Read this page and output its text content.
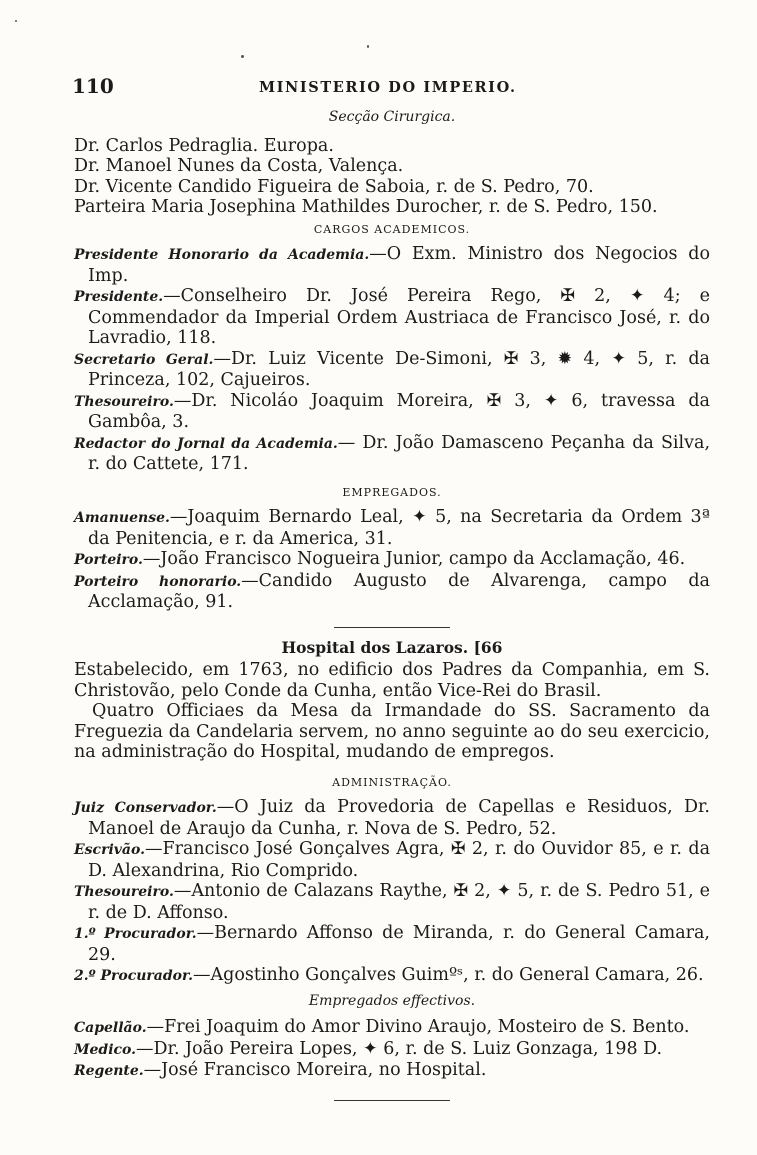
110	MINISTERIO DO IMPERIO.
Secção Cirurgica.
Dr. Carlos Pedraglia. Europa.
Dr. Manoel Nunes da Costa, Valença.
Dr. Vicente Candido Figueira de Saboia, r. de S. Pedro, 70.
Parteira Maria Josephina Mathildes Durocher, r. de S. Pedro, 150.
CARGOS ACADEMICOS.

Presidente Honorario da Academia.—O Exm. Ministro dos Negocios do Imp.

Presidente.—Conselheiro Dr. José Pereira Rego, ✠ 2, ✦ 4; e Commendador da Imperial Ordem Austriaca de Francisco José, r. do Lavradio, 118.

Secretario Geral.—Dr. Luiz Vicente De-Simoni, ✠ 3, ✹ 4, ✦ 5, r. da Princeza, 102, Cajueiros.

Thesoureiro.—Dr. Nicoláo Joaquim Moreira, ✠ 3, ✦ 6, travessa da Gambôa, 3.

Redactor do Jornal da Academia.— Dr. João Damasceno Peçanha da Silva, r. do Cattete, 171.

EMPREGADOS.

Amanuense.—Joaquim Bernardo Leal, ✦ 5, na Secretaria da Ordem 3ª da Penitencia, e r. da America, 31.

Porteiro.—João Francisco Nogueira Junior, campo da Acclamação, 46.

Porteiro honorario.—Candido Augusto de Alvarenga, campo da Acclamação, 91.

Hospital dos Lazaros. [66

Estabelecido, em 1763, no edificio dos Padres da Companhia, em S. Christovão, pelo Conde da Cunha, então Vice-Rei do Brasil.

Quatro Officiaes da Mesa da Irmandade do SS. Sacramento da Freguezia da Candelaria servem, no anno seguinte ao do seu exercicio, na administração do Hospital, mudando de empregos.

ADMINISTRAÇÃO.

Juiz Conservador.—O Juiz da Provedoria de Capellas e Residuos, Dr. Manoel de Araujo da Cunha, r. Nova de S. Pedro, 52.

Escrivão.—Francisco José Gonçalves Agra, ✠ 2, r. do Ouvidor 85, e r. da D. Alexandrina, Rio Comprido.

Thesoureiro.—Antonio de Calazans Raythe, ✠ 2, ✦ 5, r. de S. Pedro 51, e r. de D. Affonso.

1.º Procurador.—Bernardo Affonso de Miranda, r. do General Camara, 29.

2.º Procurador.—Agostinho Gonçalves Guimºˢ, r. do General Camara, 26.

Empregados effectivos.

Capellão.—Frei Joaquim do Amor Divino Araujo, Mosteiro de S. Bento.

Medico.—Dr. João Pereira Lopes, ✦ 6, r. de S. Luiz Gonzaga, 198 D.

Regente.—José Francisco Moreira, no Hospital.
